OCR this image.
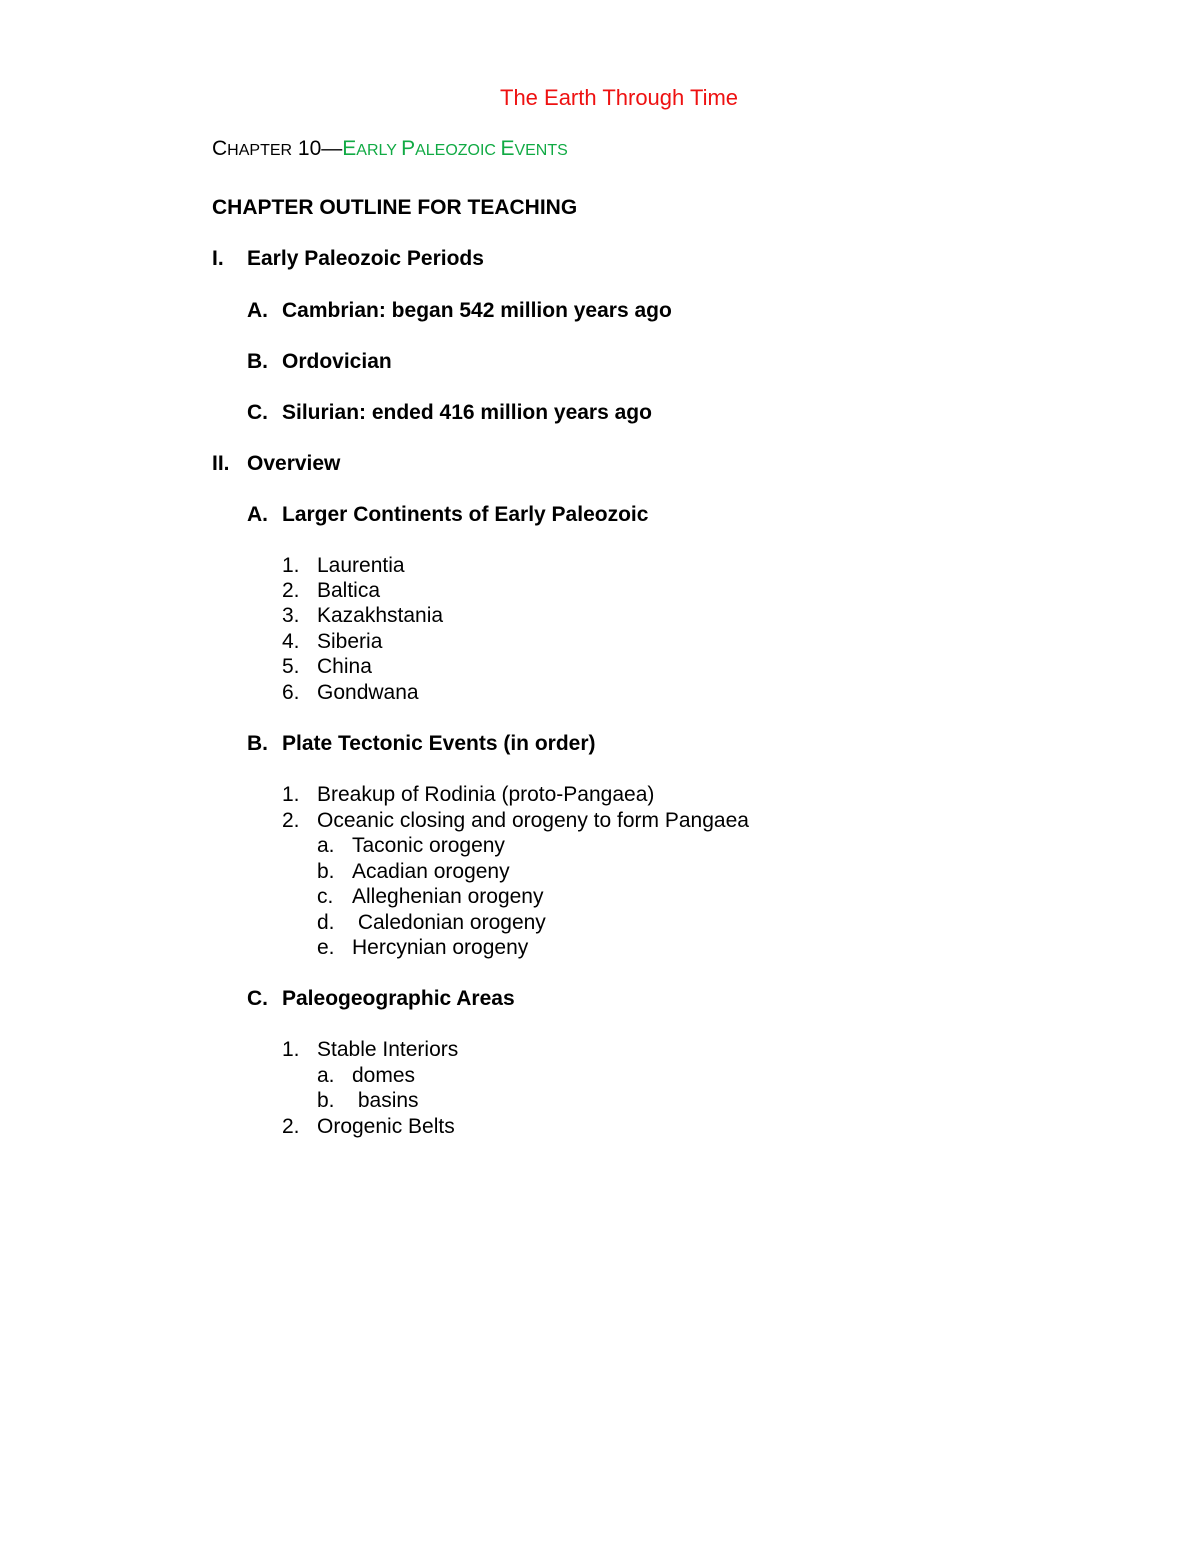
The Earth Through Time
CHAPTER 10—EARLY PALEOZOIC EVENTS
CHAPTER OUTLINE FOR TEACHING
I. Early Paleozoic Periods
A. Cambrian: began 542 million years ago
B. Ordovician
C. Silurian: ended 416 million years ago
II. Overview
A. Larger Continents of Early Paleozoic
1. Laurentia
2. Baltica
3. Kazakhstania
4. Siberia
5. China
6. Gondwana
B. Plate Tectonic Events (in order)
1. Breakup of Rodinia (proto-Pangaea)
2. Oceanic closing and orogeny to form Pangaea
a. Taconic orogeny
b. Acadian orogeny
c. Alleghenian orogeny
d. Caledonian orogeny
e. Hercynian orogeny
C. Paleogeographic Areas
1. Stable Interiors
a. domes
b. basins
2. Orogenic Belts
